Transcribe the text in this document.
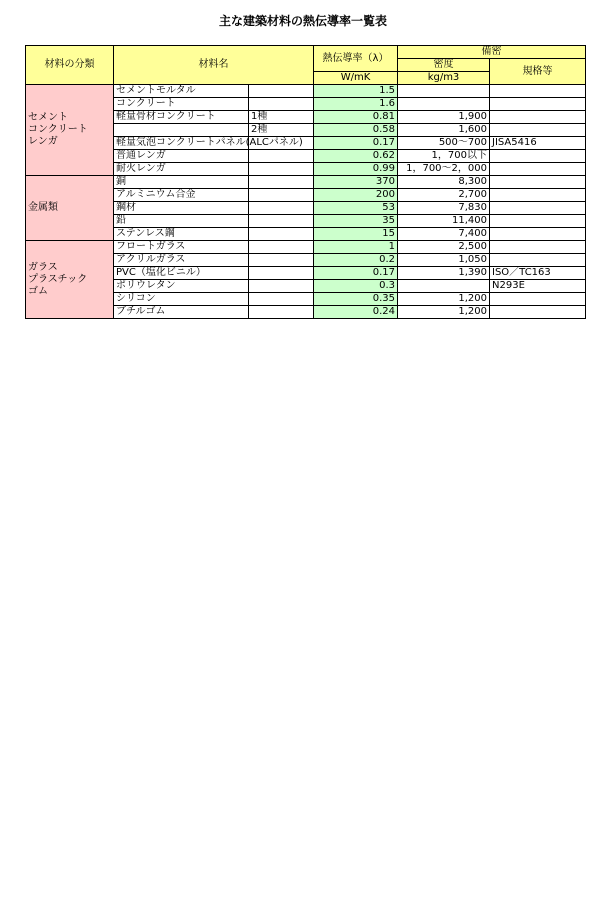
主な建築材料の熱伝導率一覧表
材料の分類	材料名		熱伝導率（λ）	備密	
				密度	規格等
			W/mK	kg/m3	

セメント
コンクリート
レンガ	セメントモルタル		1.5		
	コンクリート		1.6		
	軽量骨材コンクリート	1種	0.81	1,900	
		2種	0.58	1,600	
	軽量気泡コンクリートパネル(ALCパネル)		0.17	500～700	JISA5416
	普通レンガ		0.62	1，700以下	
	耐火レンガ		0.99	1，700～2，000	

金属類	銅		370	8,300	
	アルミニウム合金		200	2,700	
	鋼材		53	7,830	
	鉛		35	11,400	
	ステンレス鋼		15	7,400	

ガラス
プラスチック
ゴム	フロートガラス		1	2,500	
	アクリルガラス		0.2	1,050	
	PVC（塩化ビニル）		0.17	1,390	ISO／TC163
	ポリウレタン		0.3		N293E
	シリコン		0.35	1,200	
	ブチルゴム		0.24	1,200	
